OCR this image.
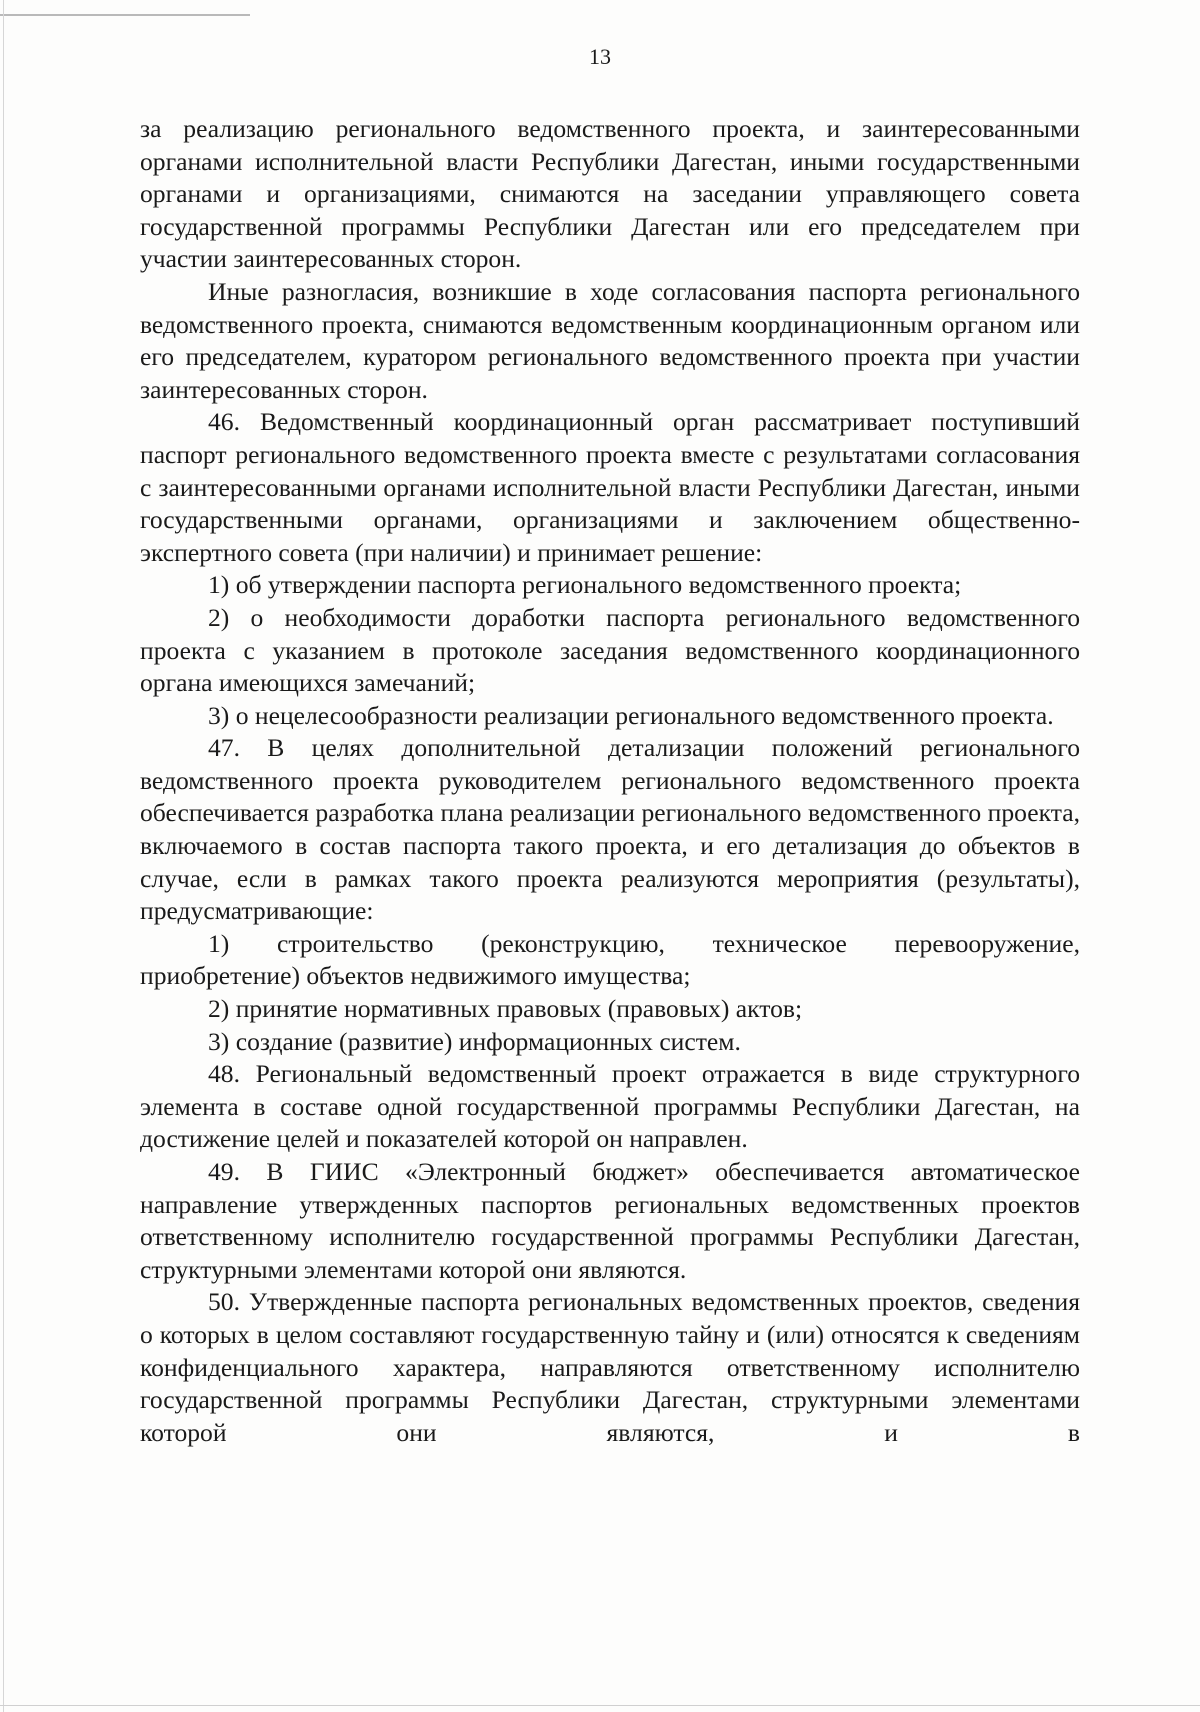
13

за реализацию регионального ведомственного проекта, и заинтересованными органами исполнительной власти Республики Дагестан, иными государственными органами и организациями, снимаются на заседании управляющего совета государственной программы Республики Дагестан или его председателем при участии заинтересованных сторон.

Иные разногласия, возникшие в ходе согласования паспорта регионального ведомственного проекта, снимаются ведомственным координационным органом или его председателем, куратором регионального ведомственного проекта при участии заинтересованных сторон.

46. Ведомственный координационный орган рассматривает поступивший паспорт регионального ведомственного проекта вместе с результатами согласования с заинтересованными органами исполнительной власти Республики Дагестан, иными государственными органами, организациями и заключением общественно-экспертного совета (при наличии) и принимает решение:

1) об утверждении паспорта регионального ведомственного проекта;

2) о необходимости доработки паспорта регионального ведомственного проекта с указанием в протоколе заседания ведомственного координационного органа имеющихся замечаний;

3) о нецелесообразности реализации регионального ведомственного проекта.

47. В целях дополнительной детализации положений регионального ведомственного проекта руководителем регионального ведомственного проекта обеспечивается разработка плана реализации регионального ведомственного проекта, включаемого в состав паспорта такого проекта, и его детализация до объектов в случае, если в рамках такого проекта реализуются мероприятия (результаты), предусматривающие:

1) строительство (реконструкцию, техническое перевооружение, приобретение) объектов недвижимого имущества;

2) принятие нормативных правовых (правовых) актов;

3) создание (развитие) информационных систем.

48. Региональный ведомственный проект отражается в виде структурного элемента в составе одной государственной программы Республики Дагестан, на достижение целей и показателей которой он направлен.

49. В ГИИС «Электронный бюджет» обеспечивается автоматическое направление утвержденных паспортов региональных ведомственных проектов ответственному исполнителю государственной программы Республики Дагестан, структурными элементами которой они являются.

50. Утвержденные паспорта региональных ведомственных проектов, сведения о которых в целом составляют государственную тайну и (или) относятся к сведениям конфиденциального характера, направляются ответственному исполнителю государственной программы Республики Дагестан, структурными элементами которой они являются, и в
